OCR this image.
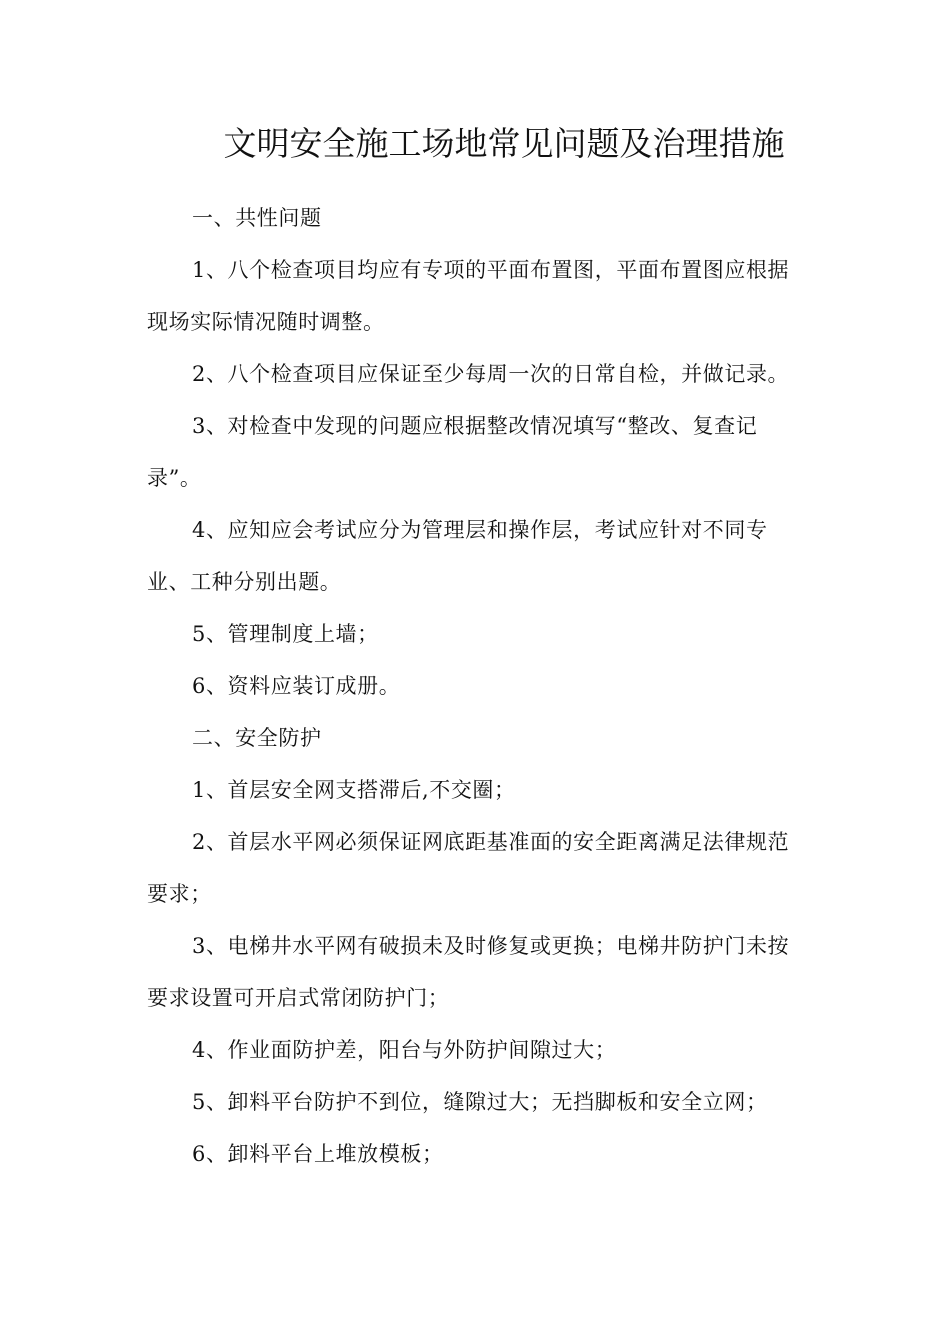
文明安全施工场地常见问题及治理措施

一、共性问题

1、八个检查项目均应有专项的平面布置图，平面布置图应根据现场实际情况随时调整。

2、八个检查项目应保证至少每周一次的日常自检，并做记录。

3、对检查中发现的问题应根据整改情况填写“整改、复查记录”。

4、应知应会考试应分为管理层和操作层，考试应针对不同专业、工种分别出题。

5、管理制度上墙；

6、资料应装订成册。

二、安全防护

1、首层安全网支搭滞后,不交圈；

2、首层水平网必须保证网底距基准面的安全距离满足法律规范要求；

3、电梯井水平网有破损未及时修复或更换；电梯井防护门未按要求设置可开启式常闭防护门；

4、作业面防护差，阳台与外防护间隙过大；

5、卸料平台防护不到位，缝隙过大；无挡脚板和安全立网；

6、卸料平台上堆放模板；
